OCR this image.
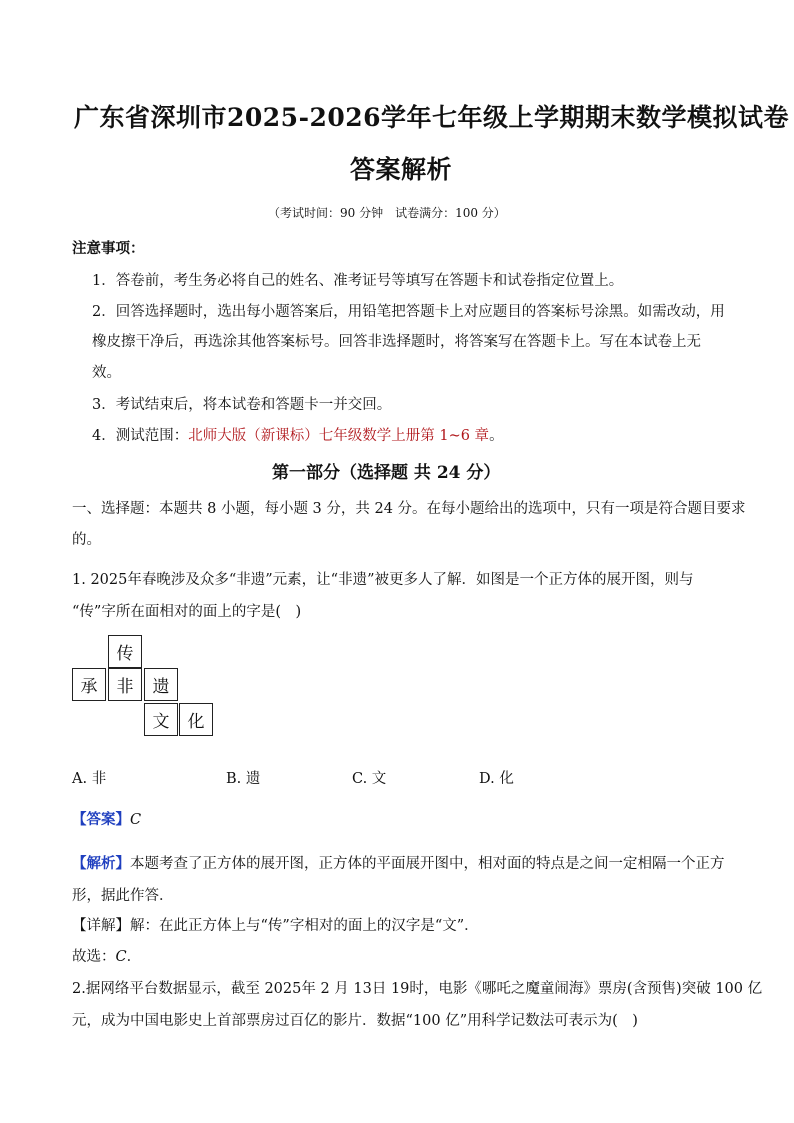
广东省深圳市2025-2026学年七年级上学期期末数学模拟试卷
答案解析
（考试时间：90 分钟　试卷满分：100 分）
注意事项：
1．答卷前，考生务必将自己的姓名、准考证号等填写在答题卡和试卷指定位置上。
2．回答选择题时，选出每小题答案后，用铅笔把答题卡上对应题目的答案标号涂黑。如需改动，用
橡皮擦干净后，再选涂其他答案标号。回答非选择题时，将答案写在答题卡上。写在本试卷上无
效。
3．考试结束后，将本试卷和答题卡一并交回。
4．测试范围：北师大版（新课标）七年级数学上册第 1~6 章。
第一部分（选择题 共 24 分）
一、选择题：本题共 8 小题，每小题 3 分，共 24 分。在每小题给出的选项中，只有一项是符合题目要求
的。
1. 2025年春晚涉及众多“非遗”元素，让“非遗”被更多人了解．如图是一个正方体的展开图，则与
“传”字所在面相对的面上的字是(　)
传
承	非	遗
文	化
A. 非	B. 遗	C. 文	D. 化
【答案】C
【解析】本题考查了正方体的展开图，正方体的平面展开图中，相对面的特点是之间一定相隔一个正方
形，据此作答．
【详解】解：在此正方体上与“传”字相对的面上的汉字是“文”．
故选：C．
2.据网络平台数据显示，截至 2025年 2 月 13日 19时，电影《哪吒之魔童闹海》票房(含预售)突破 100 亿
元，成为中国电影史上首部票房过百亿的影片．数据“100 亿”用科学记数法可表示为(　)
